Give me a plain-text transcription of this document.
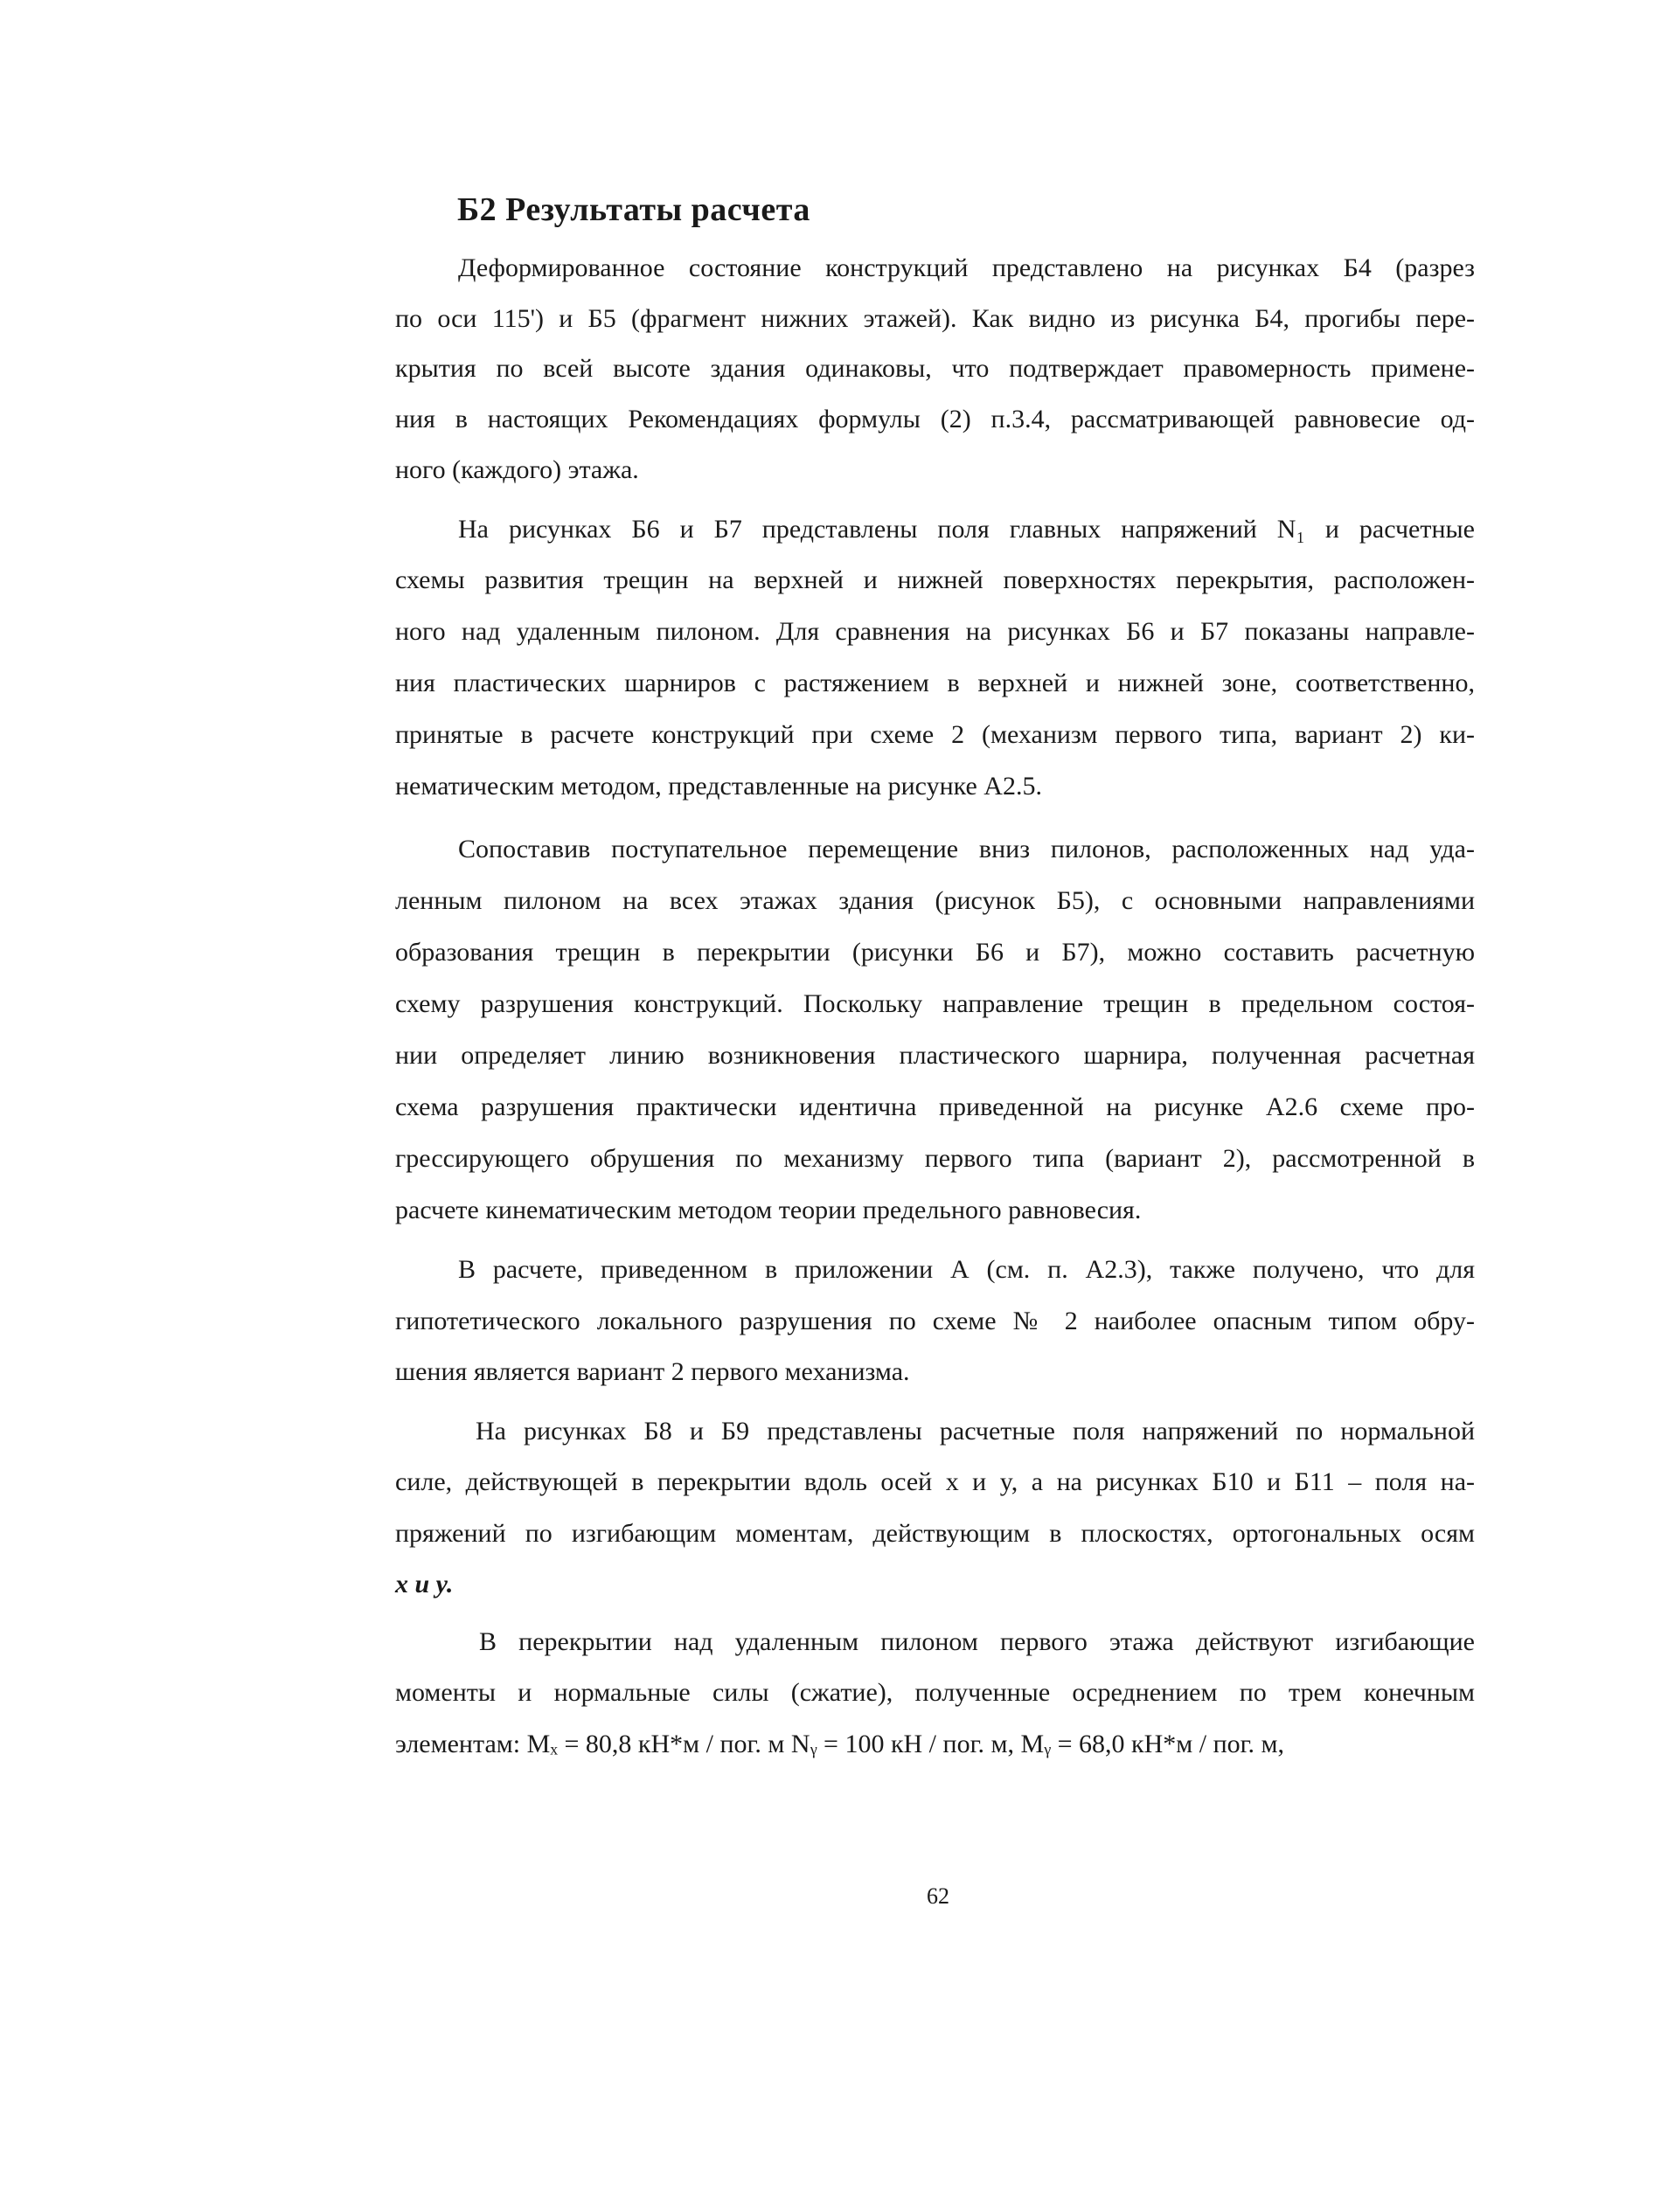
Б2 Результаты расчета
Деформированное состояние конструкций представлено на рисунках Б4 (разрез
по оси 115') и Б5 (фрагмент нижних этажей). Как видно из рисунка Б4, прогибы пере-
крытия по всей высоте здания одинаковы, что подтверждает правомерность примене-
ния в настоящих Рекомендациях формулы (2) п.3.4, рассматривающей равновесие од-
ного (каждого) этажа.
На рисунках Б6 и Б7 представлены поля главных напряжений N₁ и расчетные
схемы развития трещин на верхней и нижней поверхностях перекрытия, расположен-
ного над удаленным пилоном. Для сравнения на рисунках Б6 и Б7 показаны направле-
ния пластических шарниров с растяжением в верхней и нижней зоне, соответственно,
принятые в расчете конструкций при схеме 2 (механизм первого типа, вариант 2) ки-
нематическим методом, представленные на рисунке А2.5.
Сопоставив поступательное перемещение вниз пилонов, расположенных над уда-
ленным пилоном на всех этажах здания (рисунок Б5), с основными направлениями
образования трещин в перекрытии (рисунки Б6 и Б7), можно составить расчетную
схему разрушения конструкций. Поскольку направление трещин в предельном состоя-
нии определяет линию возникновения пластического шарнира, полученная расчетная
схема разрушения практически идентична приведенной на рисунке А2.6 схеме про-
грессирующего обрушения по механизму первого типа (вариант 2), рассмотренной в
расчете кинематическим методом теории предельного равновесия.
В расчете, приведенном в приложении А (см. п. А2.3), также получено, что для
гипотетического локального разрушения по схеме № 2 наиболее опасным типом обру-
шения является вариант 2 первого механизма.
На рисунках Б8 и Б9 представлены расчетные поля напряжений по нормальной
силе, действующей в перекрытии вдоль осей x и y, а на рисунках Б10 и Б11 – поля на-
пряжений по изгибающим моментам, действующим в плоскостях, ортогональных осям
x и y.
В перекрытии над удаленным пилоном первого этажа действуют изгибающие
моменты и нормальные силы (сжатие), полученные осреднением по трем конечным
элементам: Mₓ = 80,8 кН*м / пог. м Nᵧ = 100 кН / пог. м, Mᵧ = 68,0 кН*м / пог. м,
62
